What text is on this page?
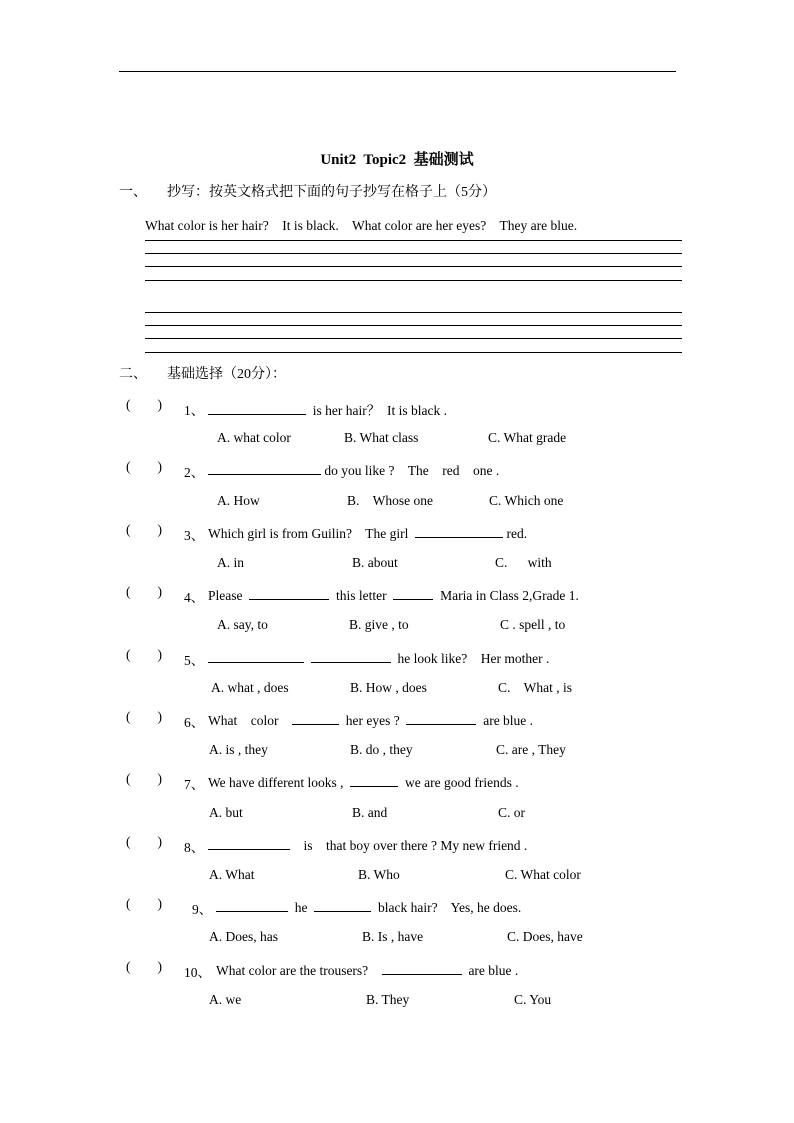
Unit2  Topic2  基础测试
一、 抄写：按英文格式把下面的句子抄写在格子上（5分）
What color is her hair?    It is black.    What color are her eyes?    They are blue.
二、 基础选择（20分）：
(        ) 1、	is her hair？  It is black .
A. what color	B. What class	C. What grade
(        ) 2、	do you like ?    The    red    one .
A. How	B.    Whose one	C. Which one
(        ) 3、 Which girl is from Guilin?    The girl	red.
A. in	B. about	C.      with
(        ) 4、 Please	this letter	Maria in Class 2,Grade 1.
A. say, to	B. give , to	C . spell , to
(        ) 5、	he look like?    Her mother .
A. what , does	B. How , does	C.    What , is
(        ) 6、 What    color	her eyes ?	are blue .
A. is , they	B. do , they	C. are , They
(        ) 7、 We have different looks ,	we are good friends .
A. but	B. and	C. or
(        ) 8、	is    that boy over there ? My new friend .
A. What	B. Who	C. What color
(        ) 9、	he	black hair?    Yes, he does.
A. Does, has	B. Is , have	C. Does, have
(        ) 10、 What color are the trousers?	are blue .
A. we	B. They	C. You
